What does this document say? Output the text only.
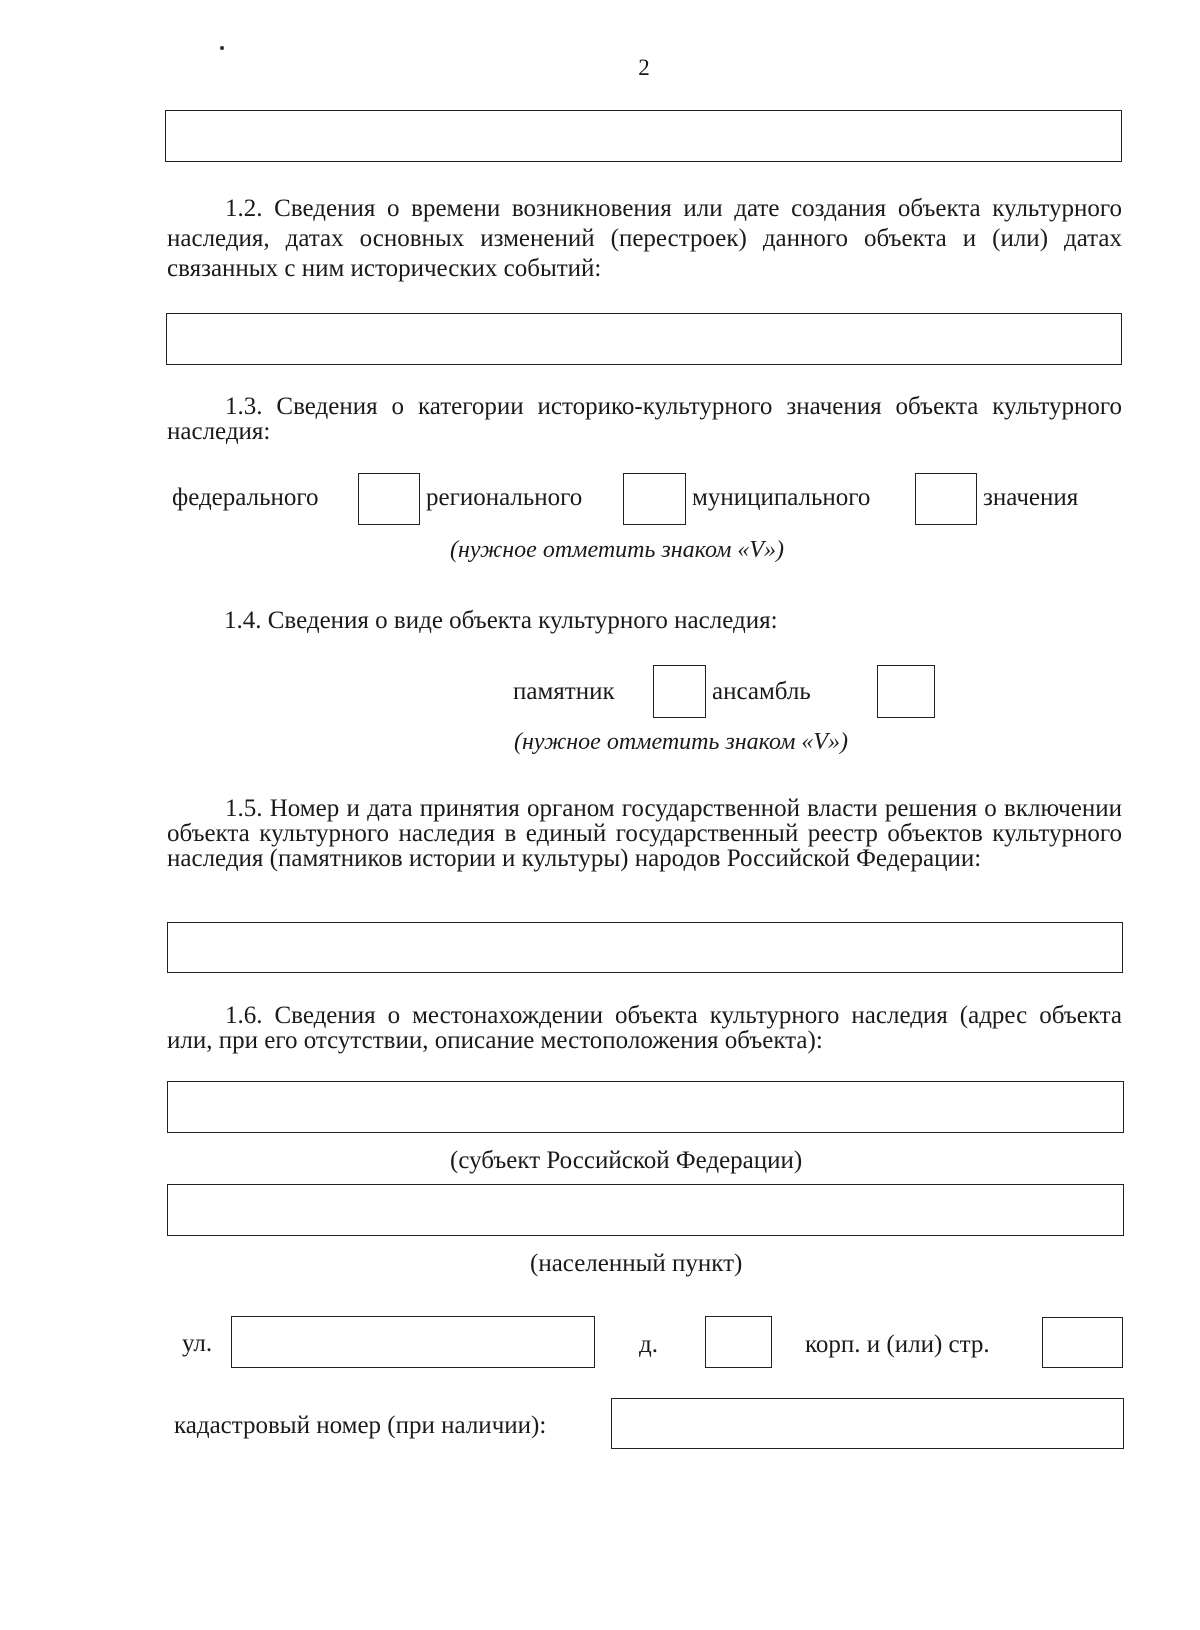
2
1.2. Сведения о времени возникновения или дате создания объекта культурного наследия, датах основных изменений (перестроек) данного объекта и (или) датах связанных с ним исторических событий:
1.3. Сведения о категории историко-культурного значения объекта культурного наследия:
федерального	регионального	муниципального	значения
(нужное отметить знаком «V»)
1.4. Сведения о виде объекта культурного наследия:
памятник	ансамбль
(нужное отметить знаком «V»)
1.5. Номер и дата принятия органом государственной власти решения о включении объекта культурного наследия в единый государственный реестр объектов культурного наследия (памятников истории и культуры) народов Российской Федерации:
1.6. Сведения о местонахождении объекта культурного наследия (адрес объекта или, при его отсутствии, описание местоположения объекта):
(субъект Российской Федерации)
(населенный пункт)
ул.	д.	корп. и (или) стр.
кадастровый номер (при наличии):
